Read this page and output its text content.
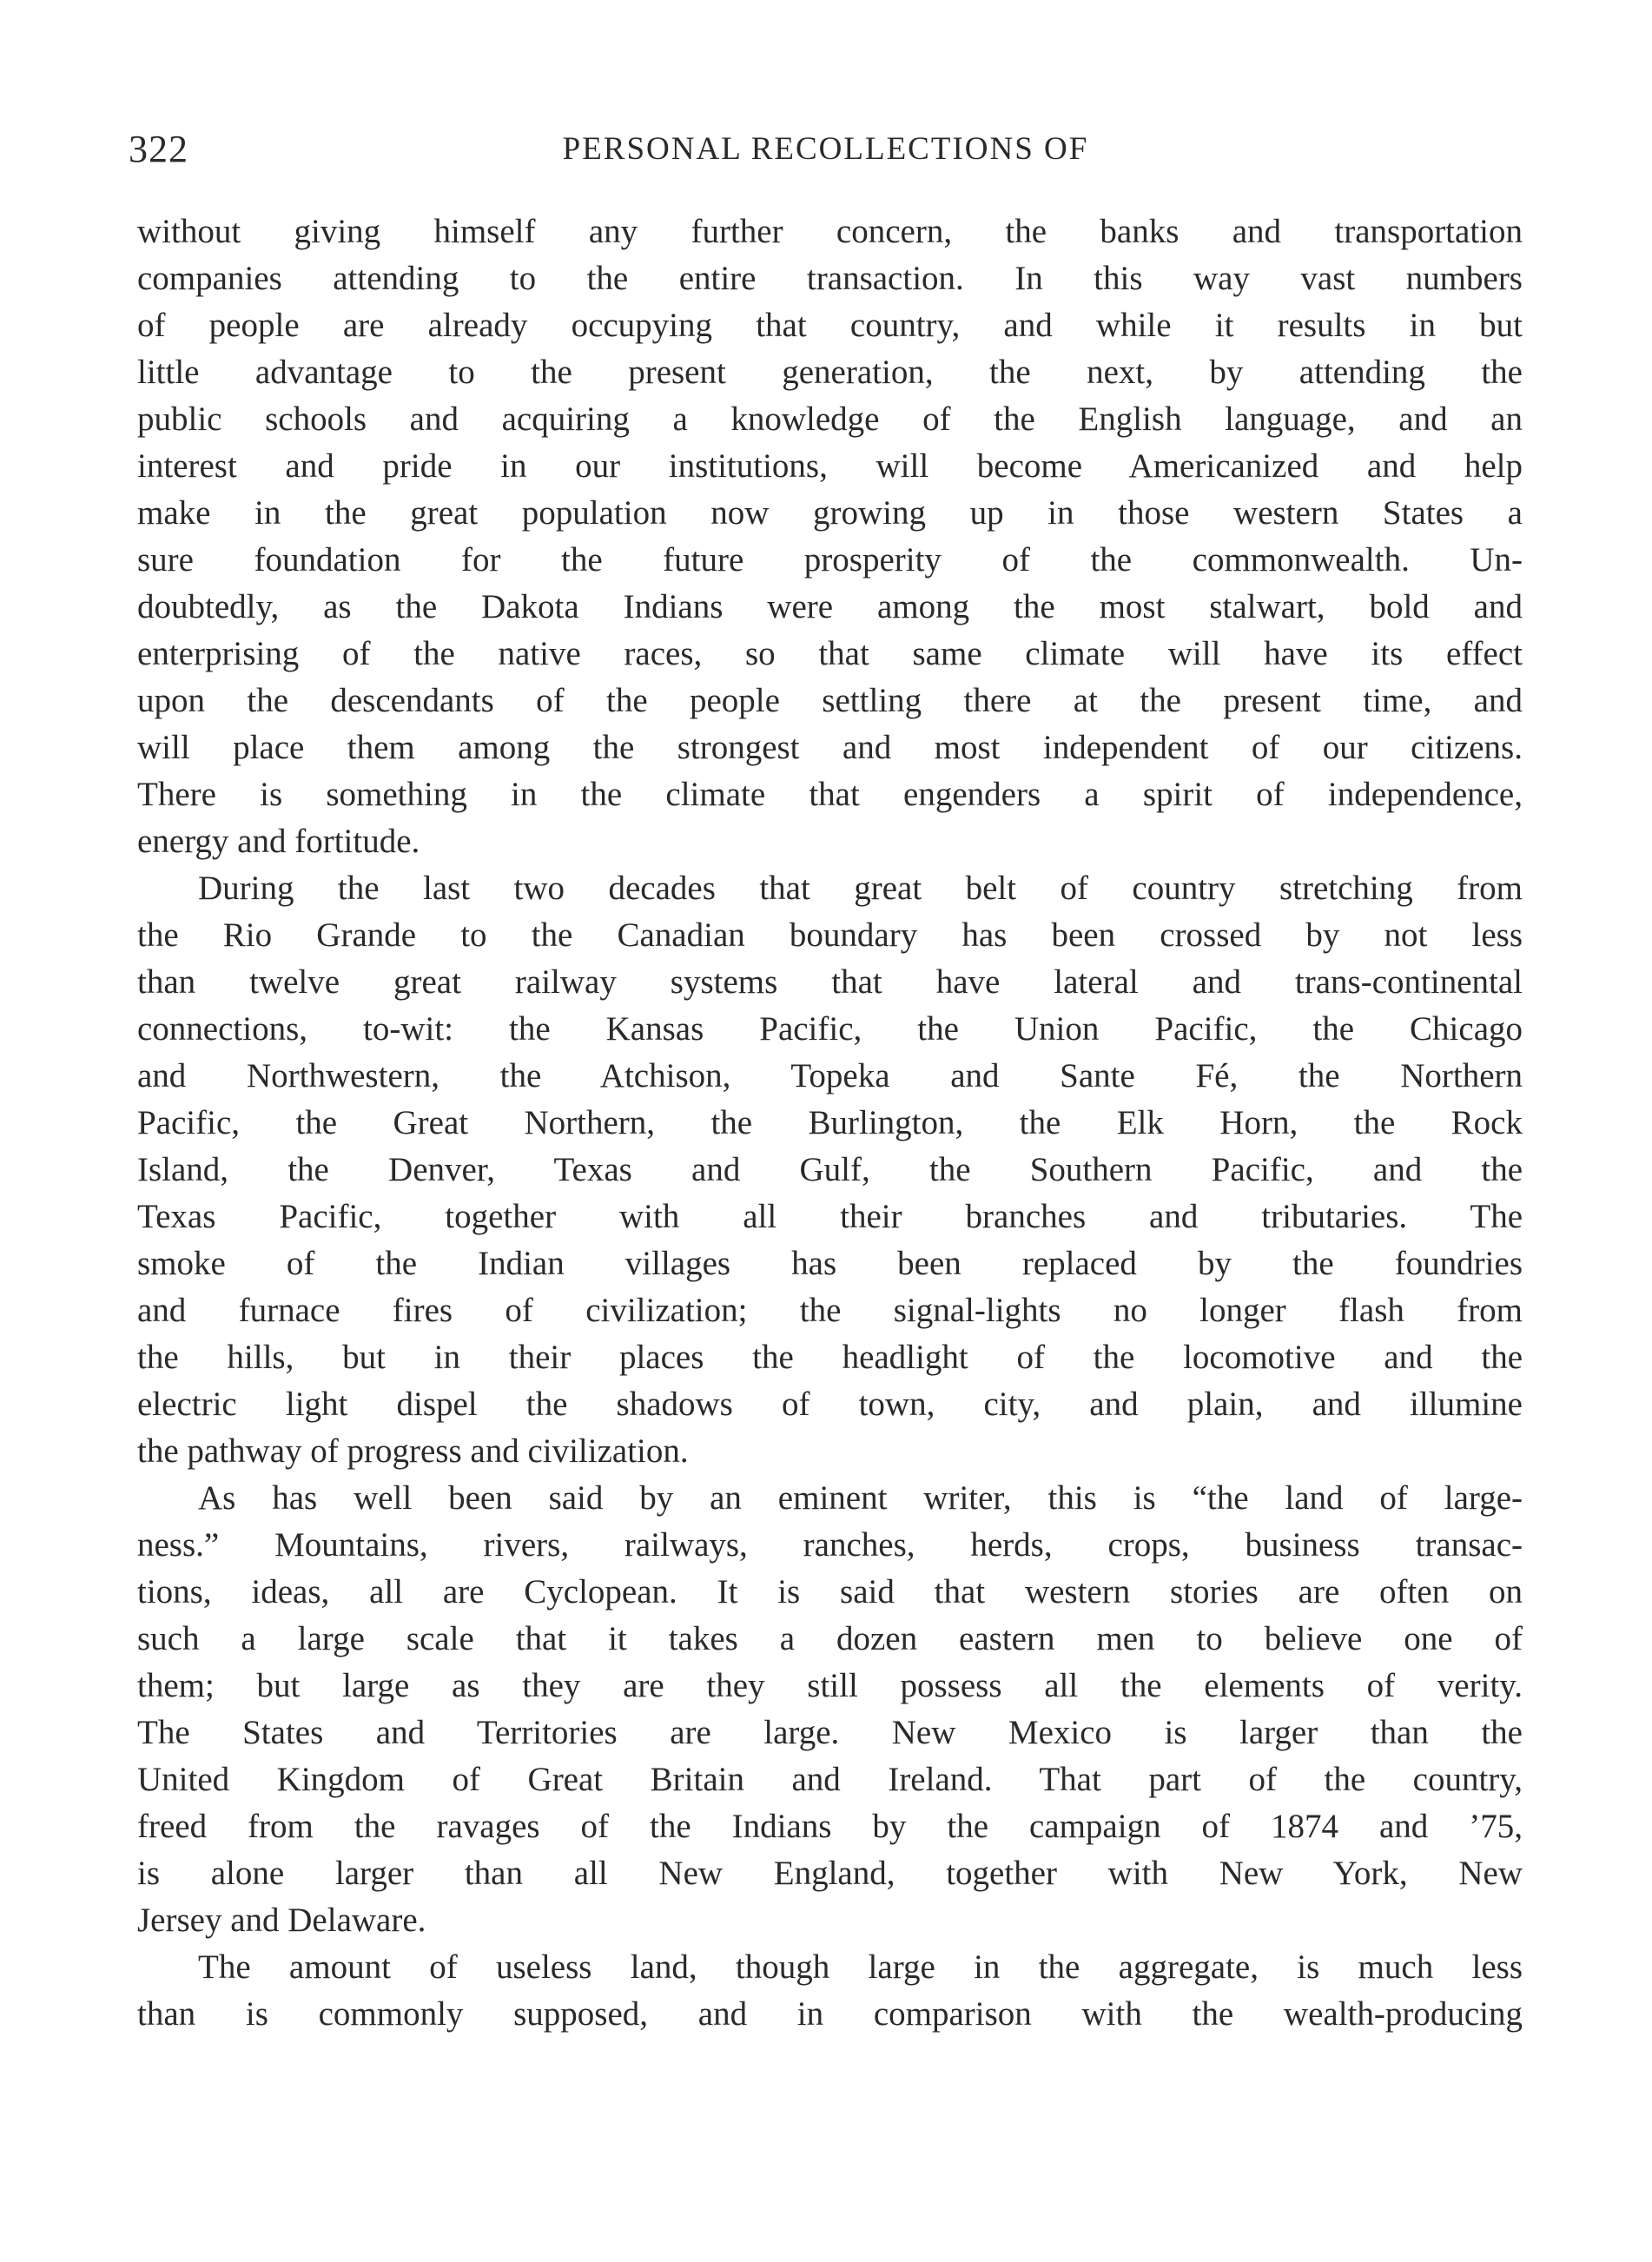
322	PERSONAL RECOLLECTIONS OF
without giving himself any further concern, the banks and transportation
companies attending to the entire transaction. In this way vast numbers
of people are already occupying that country, and while it results in but
little advantage to the present generation, the next, by attending the
public schools and acquiring a knowledge of the English language, and an
interest and pride in our institutions, will become Americanized and help
make in the great population now growing up in those western States a
sure foundation for the future prosperity of the commonwealth. Un-
doubtedly, as the Dakota Indians were among the most stalwart, bold and
enterprising of the native races, so that same climate will have its effect
upon the descendants of the people settling there at the present time, and
will place them among the strongest and most independent of our citizens.
There is something in the climate that engenders a spirit of independence,
energy and fortitude.
During the last two decades that great belt of country stretching from
the Rio Grande to the Canadian boundary has been crossed by not less
than twelve great railway systems that have lateral and trans-continental
connections, to-wit: the Kansas Pacific, the Union Pacific, the Chicago
and Northwestern, the Atchison, Topeka and Sante Fé, the Northern
Pacific, the Great Northern, the Burlington, the Elk Horn, the Rock
Island, the Denver, Texas and Gulf, the Southern Pacific, and the
Texas Pacific, together with all their branches and tributaries. The
smoke of the Indian villages has been replaced by the foundries
and furnace fires of civilization; the signal-lights no longer flash from
the hills, but in their places the headlight of the locomotive and the
electric light dispel the shadows of town, city, and plain, and illumine
the pathway of progress and civilization.
As has well been said by an eminent writer, this is “the land of large-
ness.” Mountains, rivers, railways, ranches, herds, crops, business transac-
tions, ideas, all are Cyclopean. It is said that western stories are often on
such a large scale that it takes a dozen eastern men to believe one of
them; but large as they are they still possess all the elements of verity.
The States and Territories are large. New Mexico is larger than the
United Kingdom of Great Britain and Ireland. That part of the country,
freed from the ravages of the Indians by the campaign of 1874 and ’75,
is alone larger than all New England, together with New York, New
Jersey and Delaware.
The amount of useless land, though large in the aggregate, is much less
than is commonly supposed, and in comparison with the wealth-producing
